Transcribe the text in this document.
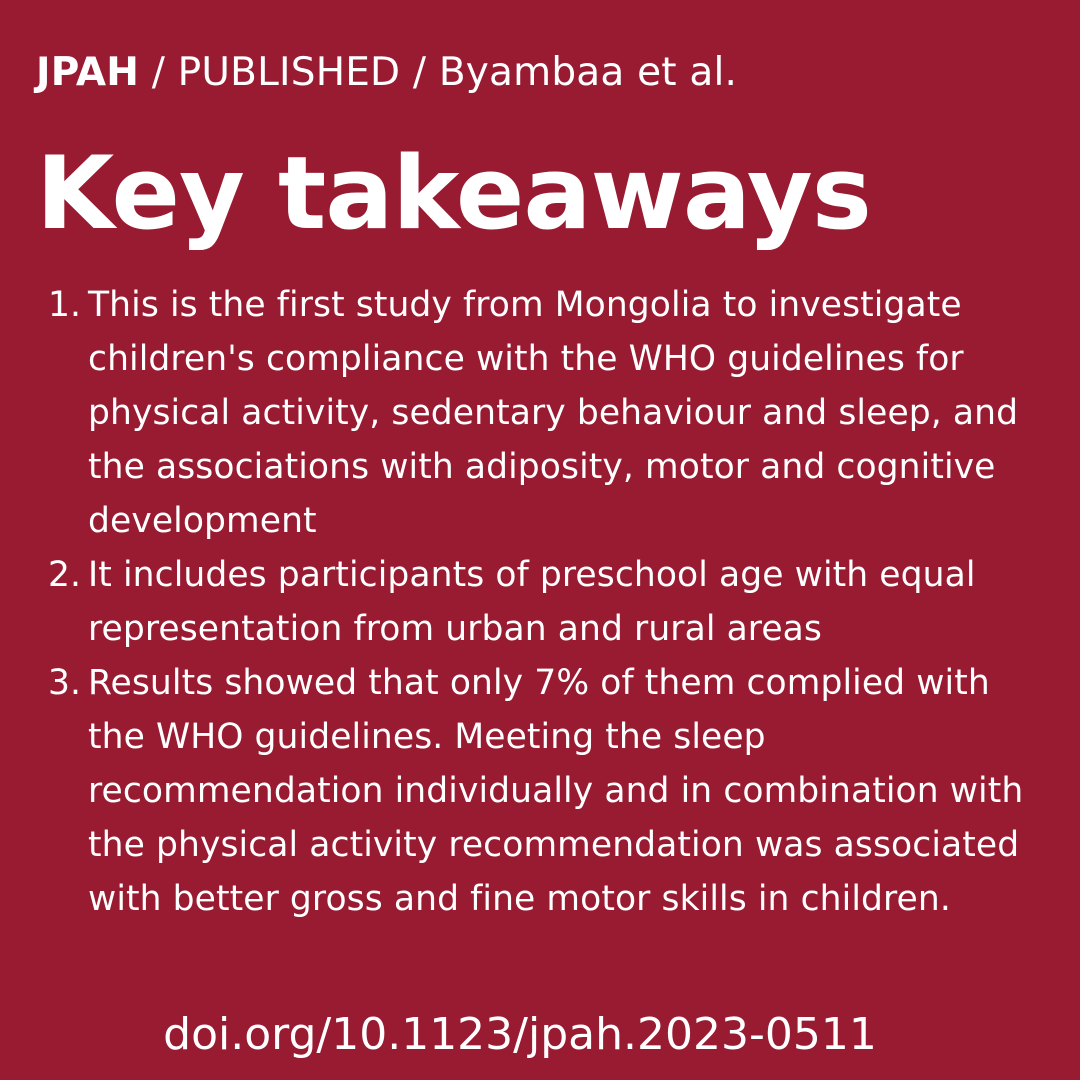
JPAH / PUBLISHED / Byambaa et al.
Key takeaways
1. This is the first study from Mongolia to investigate children's compliance with the WHO guidelines for physical activity, sedentary behaviour and sleep, and the associations with adiposity, motor and cognitive development
2. It includes participants of preschool age with equal representation from urban and rural areas
3. Results showed that only 7% of them complied with the WHO guidelines. Meeting the sleep recommendation individually and in combination with the physical activity recommendation was associated with better gross and fine motor skills in children.
doi.org/10.1123/jpah.2023-0511
